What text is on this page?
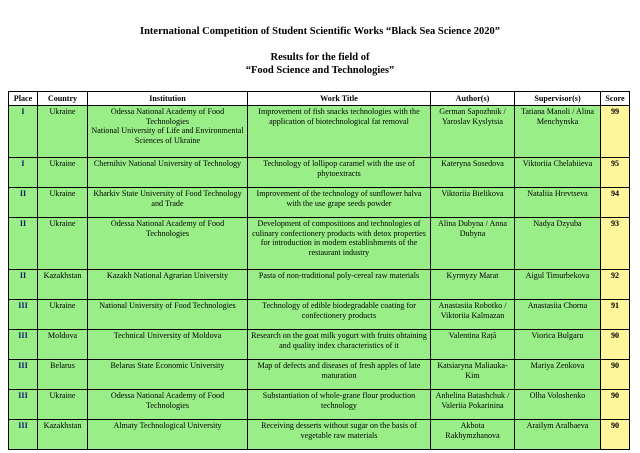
International Competition of Student Scientific Works “Black Sea Science 2020”
Results for the field of
“Food Science and Technologies”
Place	Country	Institution	Work Title	Author(s)	Supervisor(s)	Score
I	Ukraine	Odessa National Academy of Food Technologies
National University of Life and Environmental Sciences of Ukraine	Improvement of fish snacks technologies with the application of biotechnological fat removal	German Sapozhnik / Yaroslav Kyslytsia	Tatiana Manoli / Alina Menchynska	99
I	Ukraine	Chernihiv National University of Technology	Technology of lollipop caramel with the use of phytoextracts	Kateryna Sosedova	Viktoriia Chelabiieva	95
II	Ukraine	Kharkiv State University of Food Technology and Trade	Improvement of the technology of sunflower halva with the use grape seeds powder	Viktoriia Bielikova	Nataliia Hrevtseva	94
II	Ukraine	Odessa National Academy of Food Technologies	Development of compositions and technologies of culinary confectionery products with detox properties for introduction in modern establishments of the restaurant industry	Alina Dubyna / Anna Dubyna	Nadya Dzyuba	93
II	Kazakhstan	Kazakh National Agrarian University	Pasta of non-traditional poly-cereal raw materials	Kyrmyzy Marat	Aigul Timurbekova	92
III	Ukraine	National University of Food Technologies	Technology of edible biodegradable coating for confectionery products	Anastasiia Robotko / Viktoriia Kalmazan	Anastasiia Chorna	91
III	Moldova	Technical University of Moldova	Research on the goat milk yogurt with fruits obtaining and quality index characteristics of it	Valentina Rață	Viorica Bulgaru	90
III	Belarus	Belarus State Economic University	Map of defects and diseases of fresh apples of late maturation	Katsiaryna Maliauka-Kim	Mariya Zenkova	90
III	Ukraine	Odessa National Academy of Food Technologies	Substantiation of whole-grane flour production technology	Anhelina Batashchuk / Valeriia Pokarinina	Olha Voloshenko	90
III	Kazakhstan	Almaty Technological University	Receiving desserts without sugar on the basis of vegetable raw materials	Akbota Rakhymzhanova	Arailym Aralbaeva	90
